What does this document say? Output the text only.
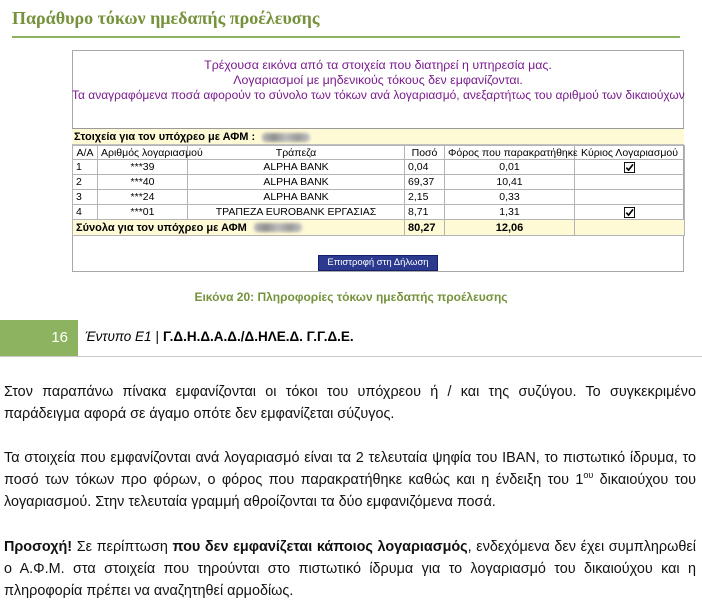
Παράθυρο τόκων ημεδαπής προέλευσης
Τρέχουσα εικόνα από τα στοιχεία που διατηρεί η υπηρεσία μας.
Λογαριασμοί με μηδενικούς τόκους δεν εμφανίζονται.
Τα αναγραφόμενα ποσά αφορούν το σύνολο των τόκων ανά λογαριασμό, ανεξαρτήτως του αριθμού των δικαιούχων
Στοιχεία για τον υπόχρεο με ΑΦΜ :
Α/Α	Αριθμός λογαριασμού	Τράπεζα	Ποσό	Φόρος που παρακρατήθηκε	Κύριος Λογαριασμού
1	***39	ALPHA BANK	0,04	0,01	
2	***40	ALPHA BANK	69,37	10,41	
3	***24	ALPHA BANK	2,15	0,33	
4	***01	ΤΡΑΠΕΖΑ EUROBANK ΕΡΓΑΣΙΑΣ	8,71	1,31	
Σύνολα για τον υπόχρεο με ΑΦΜ			80,27	12,06	
Επιστροφή στη Δήλωση
Εικόνα 20: Πληροφορίες τόκων ημεδαπής προέλευσης
16	Έντυπο Ε1 | Γ.Δ.Η.Δ.Α.Δ./Δ.ΗΛΕ.Δ. Γ.Γ.Δ.Ε.
Στον παραπάνω πίνακα εμφανίζονται οι τόκοι του υπόχρεου ή / και της συζύγου. Το συγκεκριμένο παράδειγμα αφορά σε άγαμο οπότε δεν εμφανίζεται σύζυγος.
Τα στοιχεία που εμφανίζονται ανά λογαριασμό είναι τα 2 τελευταία ψηφία του IBAN, το πιστωτικό ίδρυμα, το ποσό των τόκων προ φόρων, ο φόρος που παρακρατήθηκε καθώς και η ένδειξη του $1^{o\upsilon}$ δικαιούχου του λογαριασμού. Στην τελευταία γραμμή αθροίζονται τα δύο εμφανιζόμενα ποσά.
Προσοχή! Σε περίπτωση που δεν εμφανίζεται κάποιος λογαριασμός, ενδεχόμενα δεν έχει συμπληρωθεί ο Α.Φ.Μ. στα στοιχεία που τηρούνται στο πιστωτικό ίδρυμα για το λογαριασμό του δικαιούχου και η πληροφορία πρέπει να αναζητηθεί αρμοδίως.
